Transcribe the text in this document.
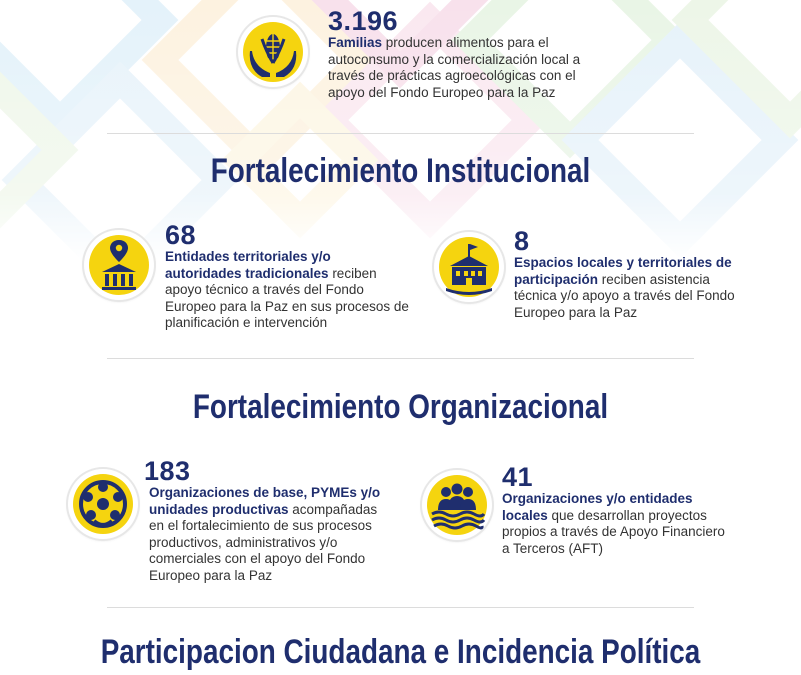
3.196
Familias producen alimentos para el autoconsumo y la comercialización local a través de prácticas agroecológicas con el apoyo del Fondo Europeo para la Paz
Fortalecimiento Institucional
68
Entidades territoriales y/o autoridades tradicionales reciben apoyo técnico a través del Fondo Europeo para la Paz en sus procesos de planificación e intervención
8
Espacios locales y territoriales de participación reciben asistencia técnica y/o apoyo a través del Fondo Europeo para la Paz
Fortalecimiento Organizacional
183
Organizaciones de base, PYMEs y/o unidades productivas acompañadas en el fortalecimiento de sus procesos productivos, administrativos y/o comerciales con el apoyo del Fondo Europeo para la Paz
41
Organizaciones y/o entidades locales que desarrollan proyectos propios a través de Apoyo Financiero a Terceros (AFT)
Participacion Ciudadana e Incidencia Política
